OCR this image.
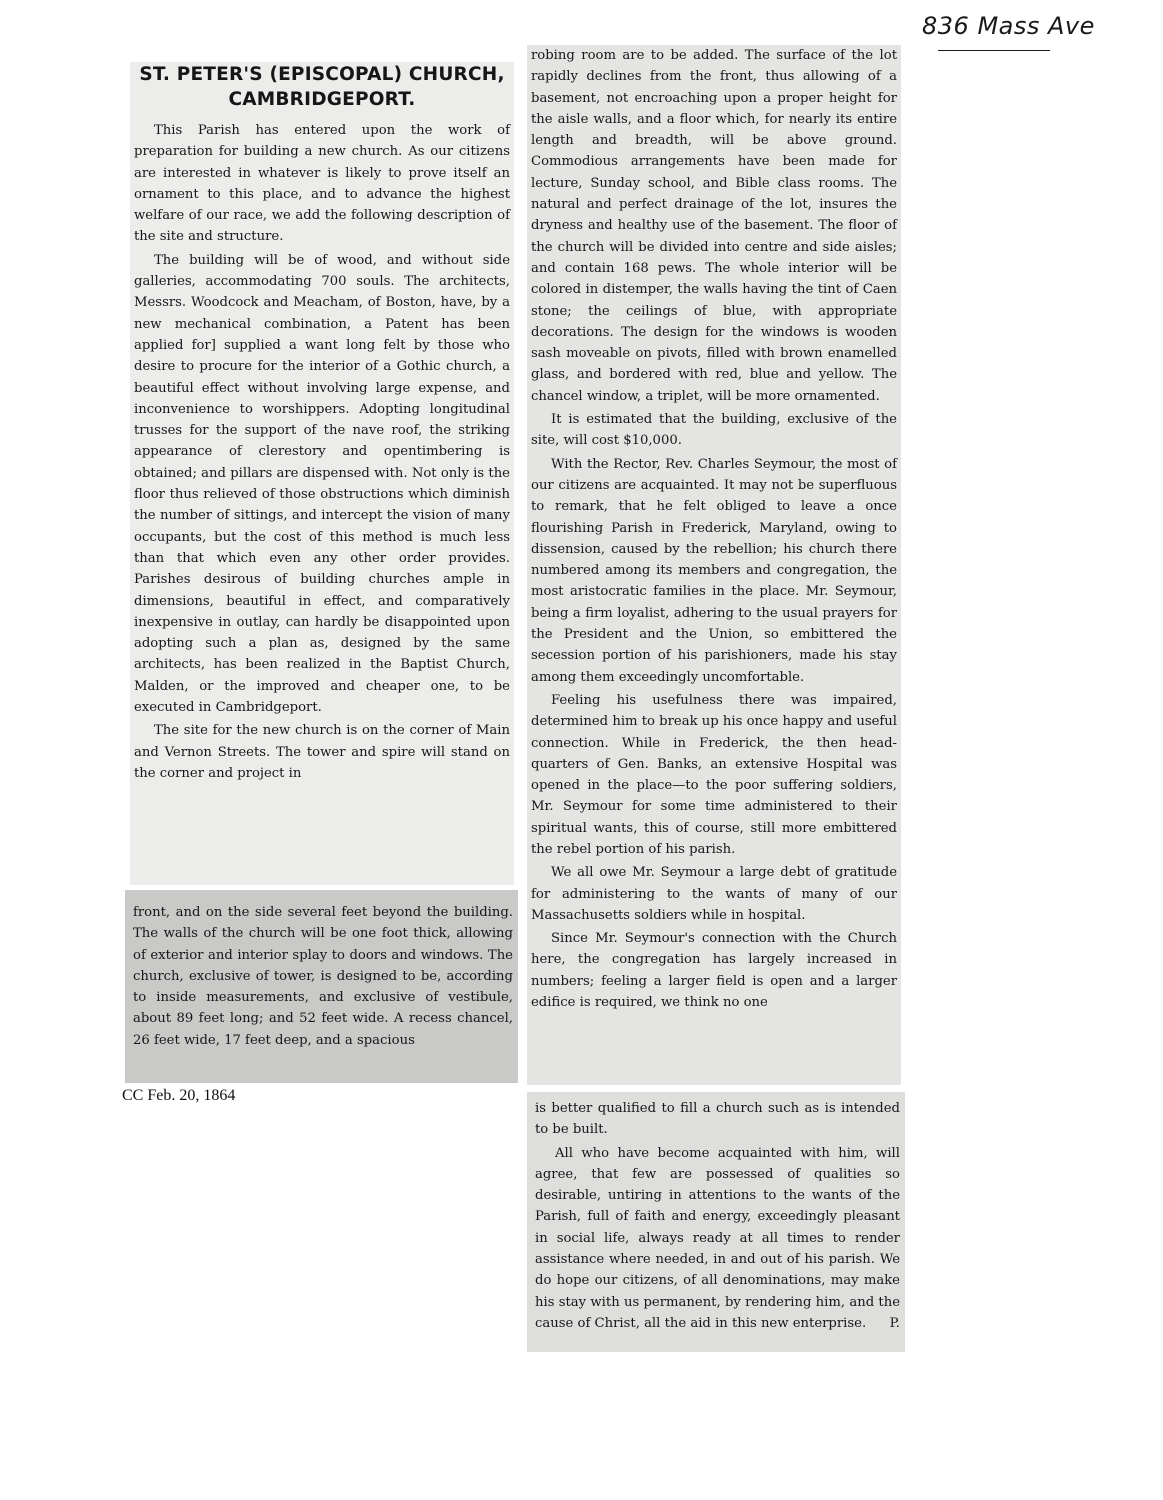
836 Mass Ave
ST. PETER'S (EPISCOPAL) CHURCH,
CAMBRIDGEPORT.

This Parish has entered upon the work of preparation for building a new church. As our citizens are interested in whatever is likely to prove itself an ornament to this place, and to advance the highest welfare of our race, we add the following description of the site and structure.

The building will be of wood, and without side galleries, accommodating 700 souls. The architects, Messrs. Woodcock and Meacham, of Boston, have, by a new mechanical combination, a Patent has been applied for] supplied a want long felt by those who desire to procure for the interior of a Gothic church, a beautiful effect without involving large expense, and inconvenience to worshippers. Adopting longitudinal trusses for the support of the nave roof, the striking appearance of clerestory and opentimbering is obtained; and pillars are dispensed with. Not only is the floor thus relieved of those obstructions which diminish the number of sittings, and intercept the vision of many occupants, but the cost of this method is much less than that which even any other order provides. Parishes desirous of building churches ample in dimensions, beautiful in effect, and comparatively inexpensive in outlay, can hardly be disappointed upon adopting such a plan as, designed by the same architects, has been realized in the Baptist Church, Malden, or the improved and cheaper one, to be executed in Cambridgeport.

The site for the new church is on the corner of Main and Vernon Streets. The tower and spire will stand on the corner and project in

front, and on the side several feet beyond the building. The walls of the church will be one foot thick, allowing of exterior and interior splay to doors and windows. The church, exclusive of tower, is designed to be, according to inside measurements, and exclusive of vestibule, about 89 feet long; and 52 feet wide. A recess chancel, 26 feet wide, 17 feet deep, and a spacious

CC Feb. 20, 1864

robing room are to be added. The surface of the lot rapidly declines from the front, thus allowing of a basement, not encroaching upon a proper height for the aisle walls, and a floor which, for nearly its entire length and breadth, will be above ground. Commodious arrangements have been made for lecture, Sunday school, and Bible class rooms. The natural and perfect drainage of the lot, insures the dryness and healthy use of the basement. The floor of the church will be divided into centre and side aisles; and contain 168 pews. The whole interior will be colored in distemper, the walls having the tint of Caen stone; the ceilings of blue, with appropriate decorations. The design for the windows is wooden sash moveable on pivots, filled with brown enamelled glass, and bordered with red, blue and yellow. The chancel window, a triplet, will be more ornamented.

It is estimated that the building, exclusive of the site, will cost $10,000.

With the Rector, Rev. Charles Seymour, the most of our citizens are acquainted. It may not be superfluous to remark, that he felt obliged to leave a once flourishing Parish in Frederick, Maryland, owing to dissension, caused by the rebellion; his church there numbered among its members and congregation, the most aristocratic families in the place. Mr. Seymour, being a firm loyalist, adhering to the usual prayers for the President and the Union, so embittered the secession portion of his parishioners, made his stay among them exceedingly uncomfortable.

Feeling his usefulness there was impaired, determined him to break up his once happy and useful connection. While in Frederick, the then head-quarters of Gen. Banks, an extensive Hospital was opened in the place—to the poor suffering soldiers, Mr. Seymour for some time administered to their spiritual wants, this of course, still more embittered the rebel portion of his parish.

We all owe Mr. Seymour a large debt of gratitude for administering to the wants of many of our Massachusetts soldiers while in hospital.

Since Mr. Seymour's connection with the Church here, the congregation has largely increased in numbers; feeling a larger field is open and a larger edifice is required, we think no one

is better qualified to fill a church such as is intended to be built.

All who have become acquainted with him, will agree, that few are possessed of qualities so desirable, untiring in attentions to the wants of the Parish, full of faith and energy, exceedingly pleasant in social life, always ready at all times to render assistance where needed, in and out of his parish. We do hope our citizens, of all denominations, may make his stay with us permanent, by rendering him, and the cause of Christ, all the aid in this new enterprise.	P.
